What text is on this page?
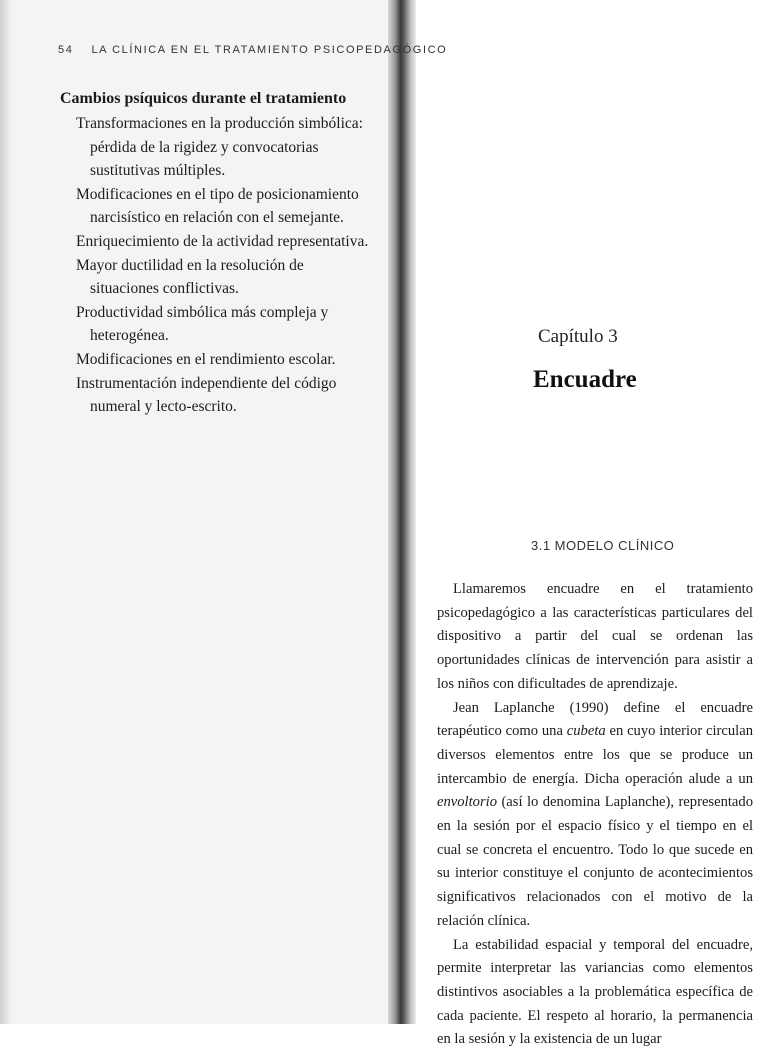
54 LA CLÍNICA EN EL TRATAMIENTO PSICOPEDAGÓGICO
Cambios psíquicos durante el tratamiento
Transformaciones en la producción simbólica: pérdida de la rigidez y convocatorias sustitutivas múltiples.
Modificaciones en el tipo de posicionamiento narcisístico en relación con el semejante.
Enriquecimiento de la actividad representativa.
Mayor ductilidad en la resolución de situaciones conflictivas.
Productividad simbólica más compleja y heterogénea.
Modificaciones en el rendimiento escolar.
Instrumentación independiente del código numeral y lecto-escrito.
Capítulo 3
Encuadre
3.1 MODELO CLÍNICO

Llamaremos encuadre en el tratamiento psicopedagógico a las características particulares del dispositivo a partir del cual se ordenan las oportunidades clínicas de intervención para asistir a los niños con dificultades de aprendizaje.

Jean Laplanche (1990) define el encuadre terapéutico como una cubeta en cuyo interior circulan diversos elementos entre los que se produce un intercambio de energía. Dicha operación alude a un envoltorio (así lo denomina Laplanche), representado en la sesión por el espacio físico y el tiempo en el cual se concreta el encuentro. Todo lo que sucede en su interior constituye el conjunto de acontecimientos significativos relacionados con el motivo de la relación clínica.

La estabilidad espacial y temporal del encuadre, permite interpretar las variancias como elementos distintivos asociables a la problemática específica de cada paciente. El respeto al horario, la permanencia en la sesión y la existencia de un lugar
